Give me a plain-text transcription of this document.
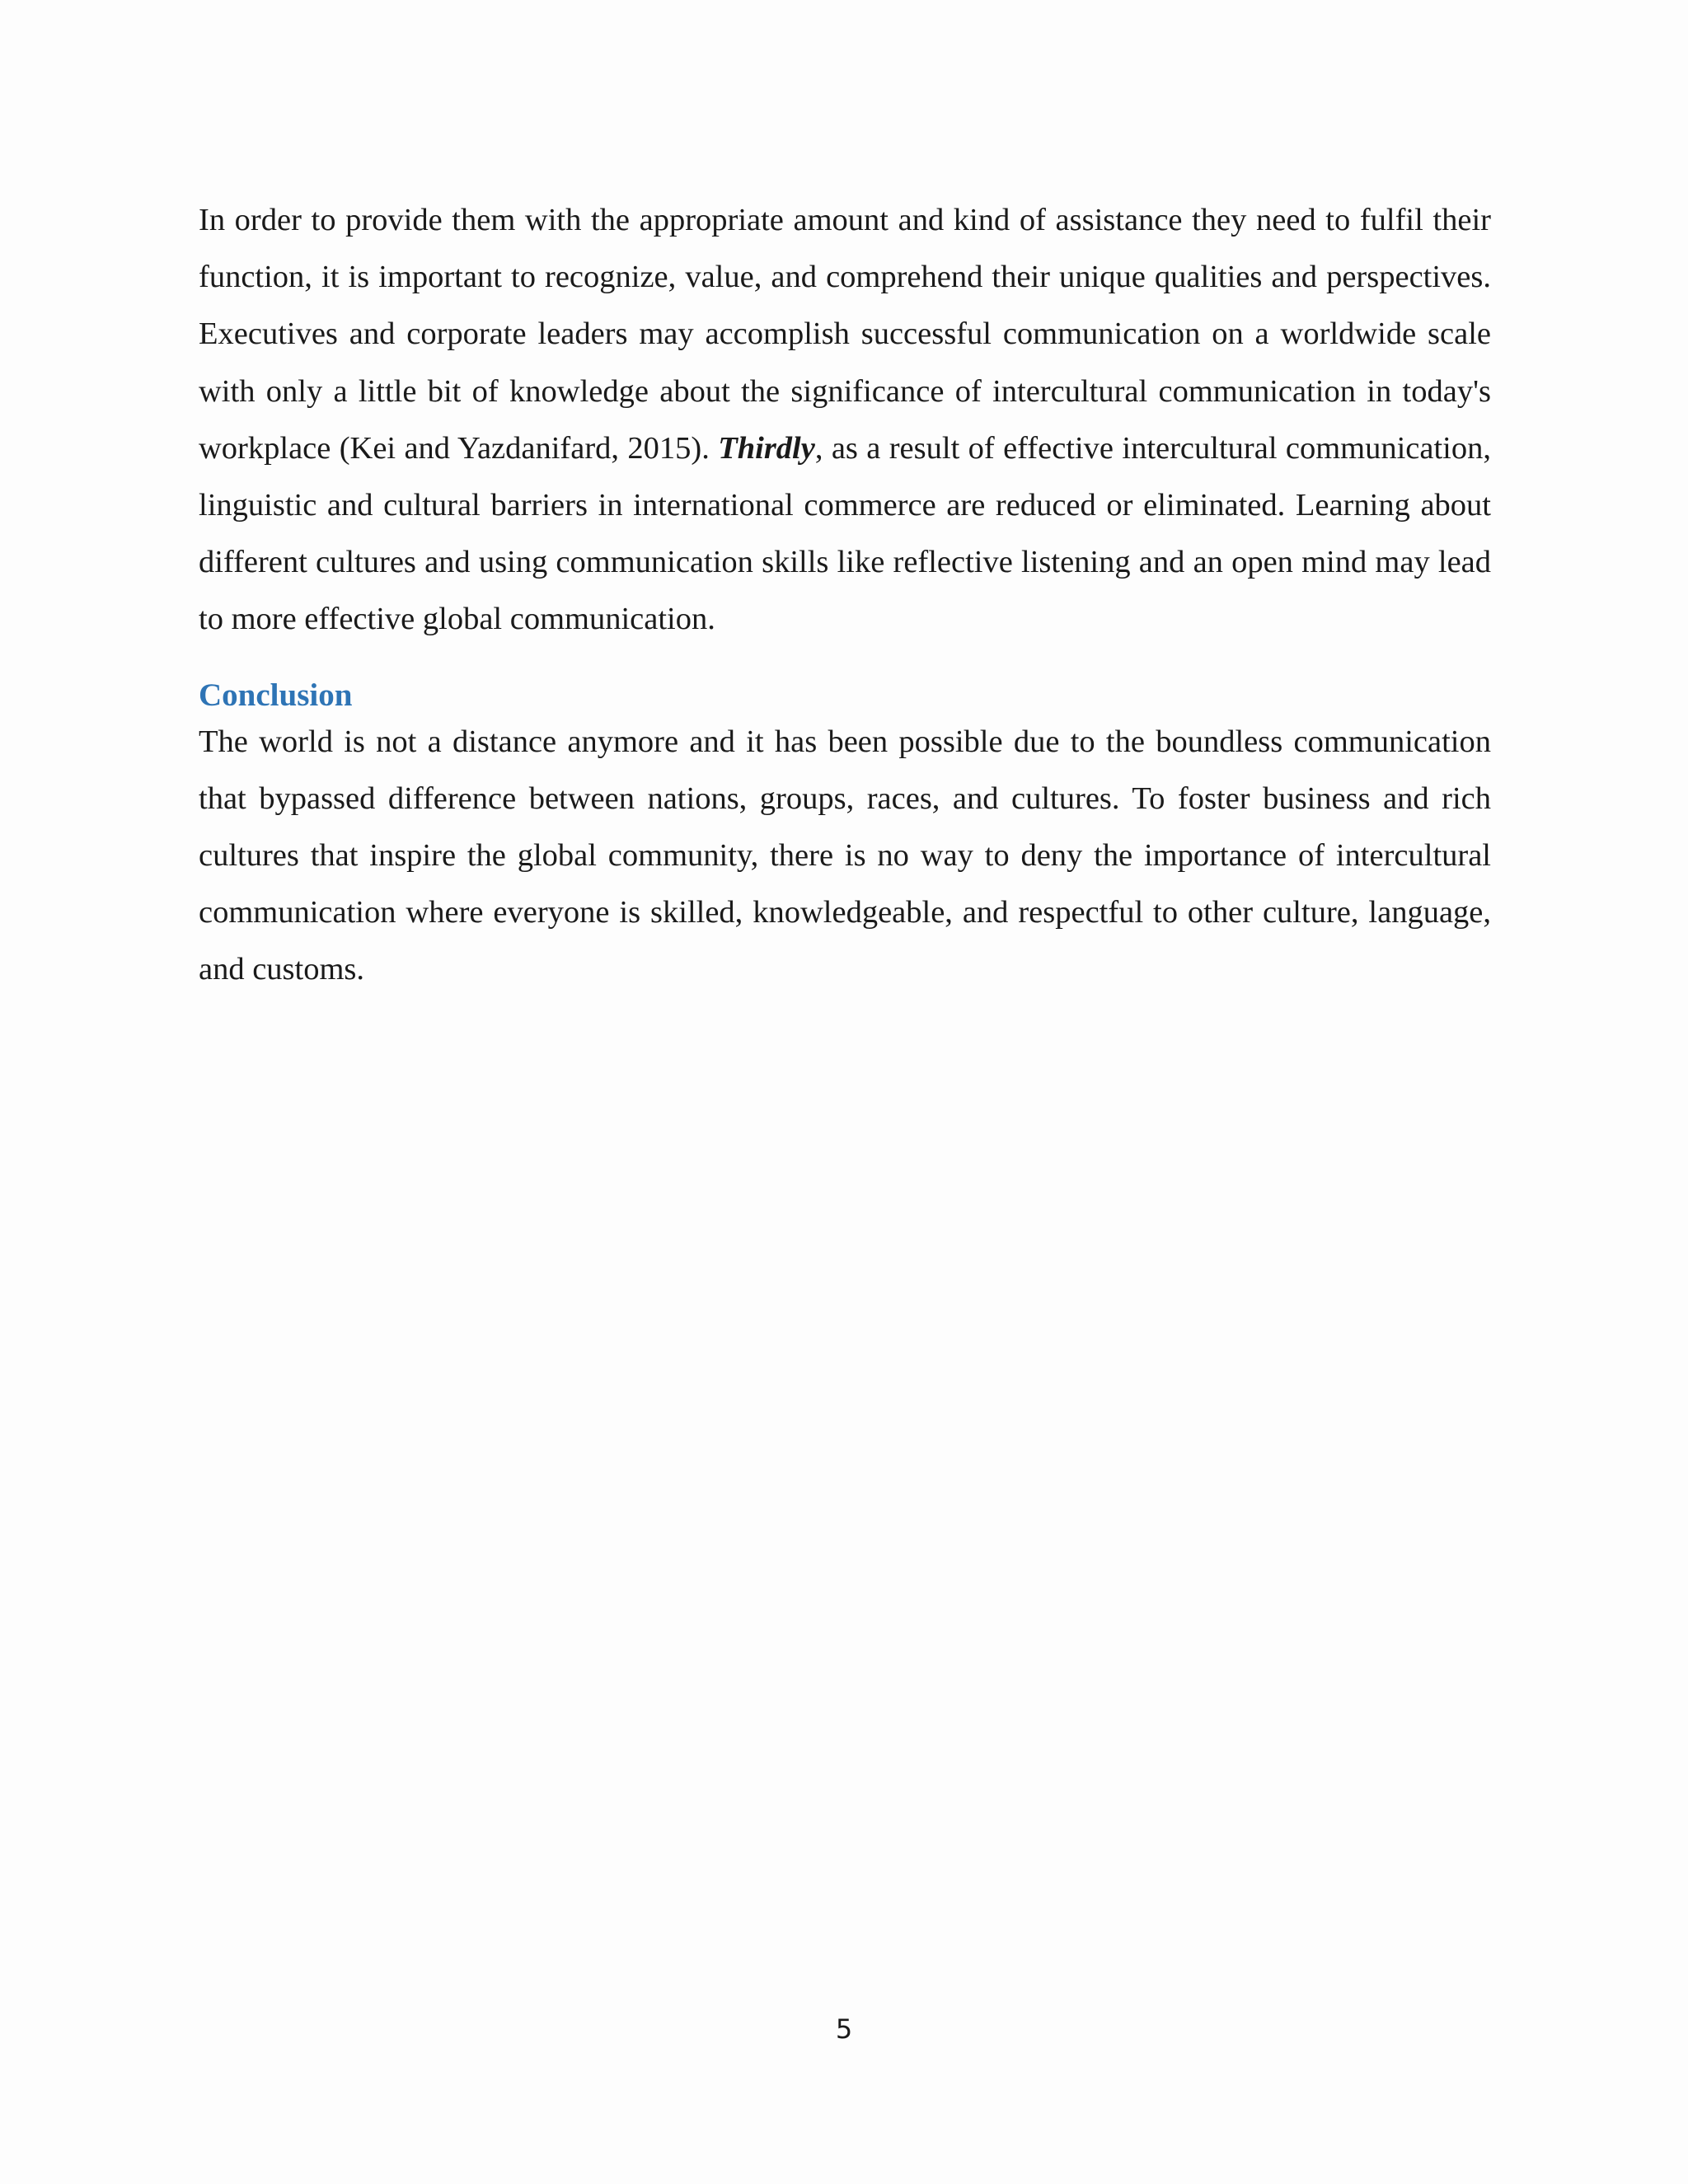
In order to provide them with the appropriate amount and kind of assistance they need to fulfil their function, it is important to recognize, value, and comprehend their unique qualities and perspectives. Executives and corporate leaders may accomplish successful communication on a worldwide scale with only a little bit of knowledge about the significance of intercultural communication in today's workplace (Kei and Yazdanifard, 2015). Thirdly, as a result of effective intercultural communication, linguistic and cultural barriers in international commerce are reduced or eliminated. Learning about different cultures and using communication skills like reflective listening and an open mind may lead to more effective global communication.

Conclusion

The world is not a distance anymore and it has been possible due to the boundless communication that bypassed difference between nations, groups, races, and cultures. To foster business and rich cultures that inspire the global community, there is no way to deny the importance of intercultural communication where everyone is skilled, knowledgeable, and respectful to other culture, language, and customs.

5
